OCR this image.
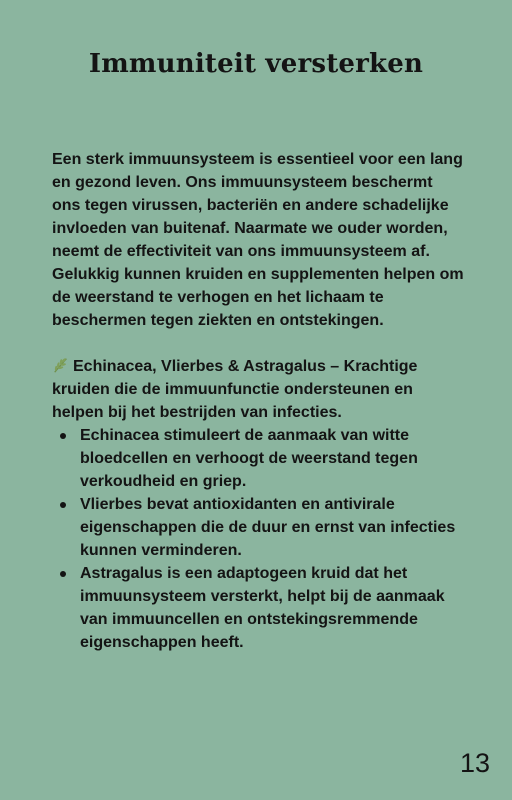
Immuniteit versterken

Een sterk immuunsysteem is essentieel voor een lang en gezond leven. Ons immuunsysteem beschermt ons tegen virussen, bacteriën en andere schadelijke invloeden van buitenaf. Naarmate we ouder worden, neemt de effectiviteit van ons immuunsysteem af. Gelukkig kunnen kruiden en supplementen helpen om de weerstand te verhogen en het lichaam te beschermen tegen ziekten en ontstekingen.

Echinacea, Vlierbes & Astragalus – Krachtige kruiden die de immuunfunctie ondersteunen en helpen bij het bestrijden van infecties.

Echinacea stimuleert de aanmaak van witte bloedcellen en verhoogt de weerstand tegen verkoudheid en griep.
Vlierbes bevat antioxidanten en antivirale eigenschappen die de duur en ernst van infecties kunnen verminderen.
Astragalus is een adaptogeen kruid dat het immuunsysteem versterkt, helpt bij de aanmaak van immuuncellen en ontstekingsremmende eigenschappen heeft.
13
